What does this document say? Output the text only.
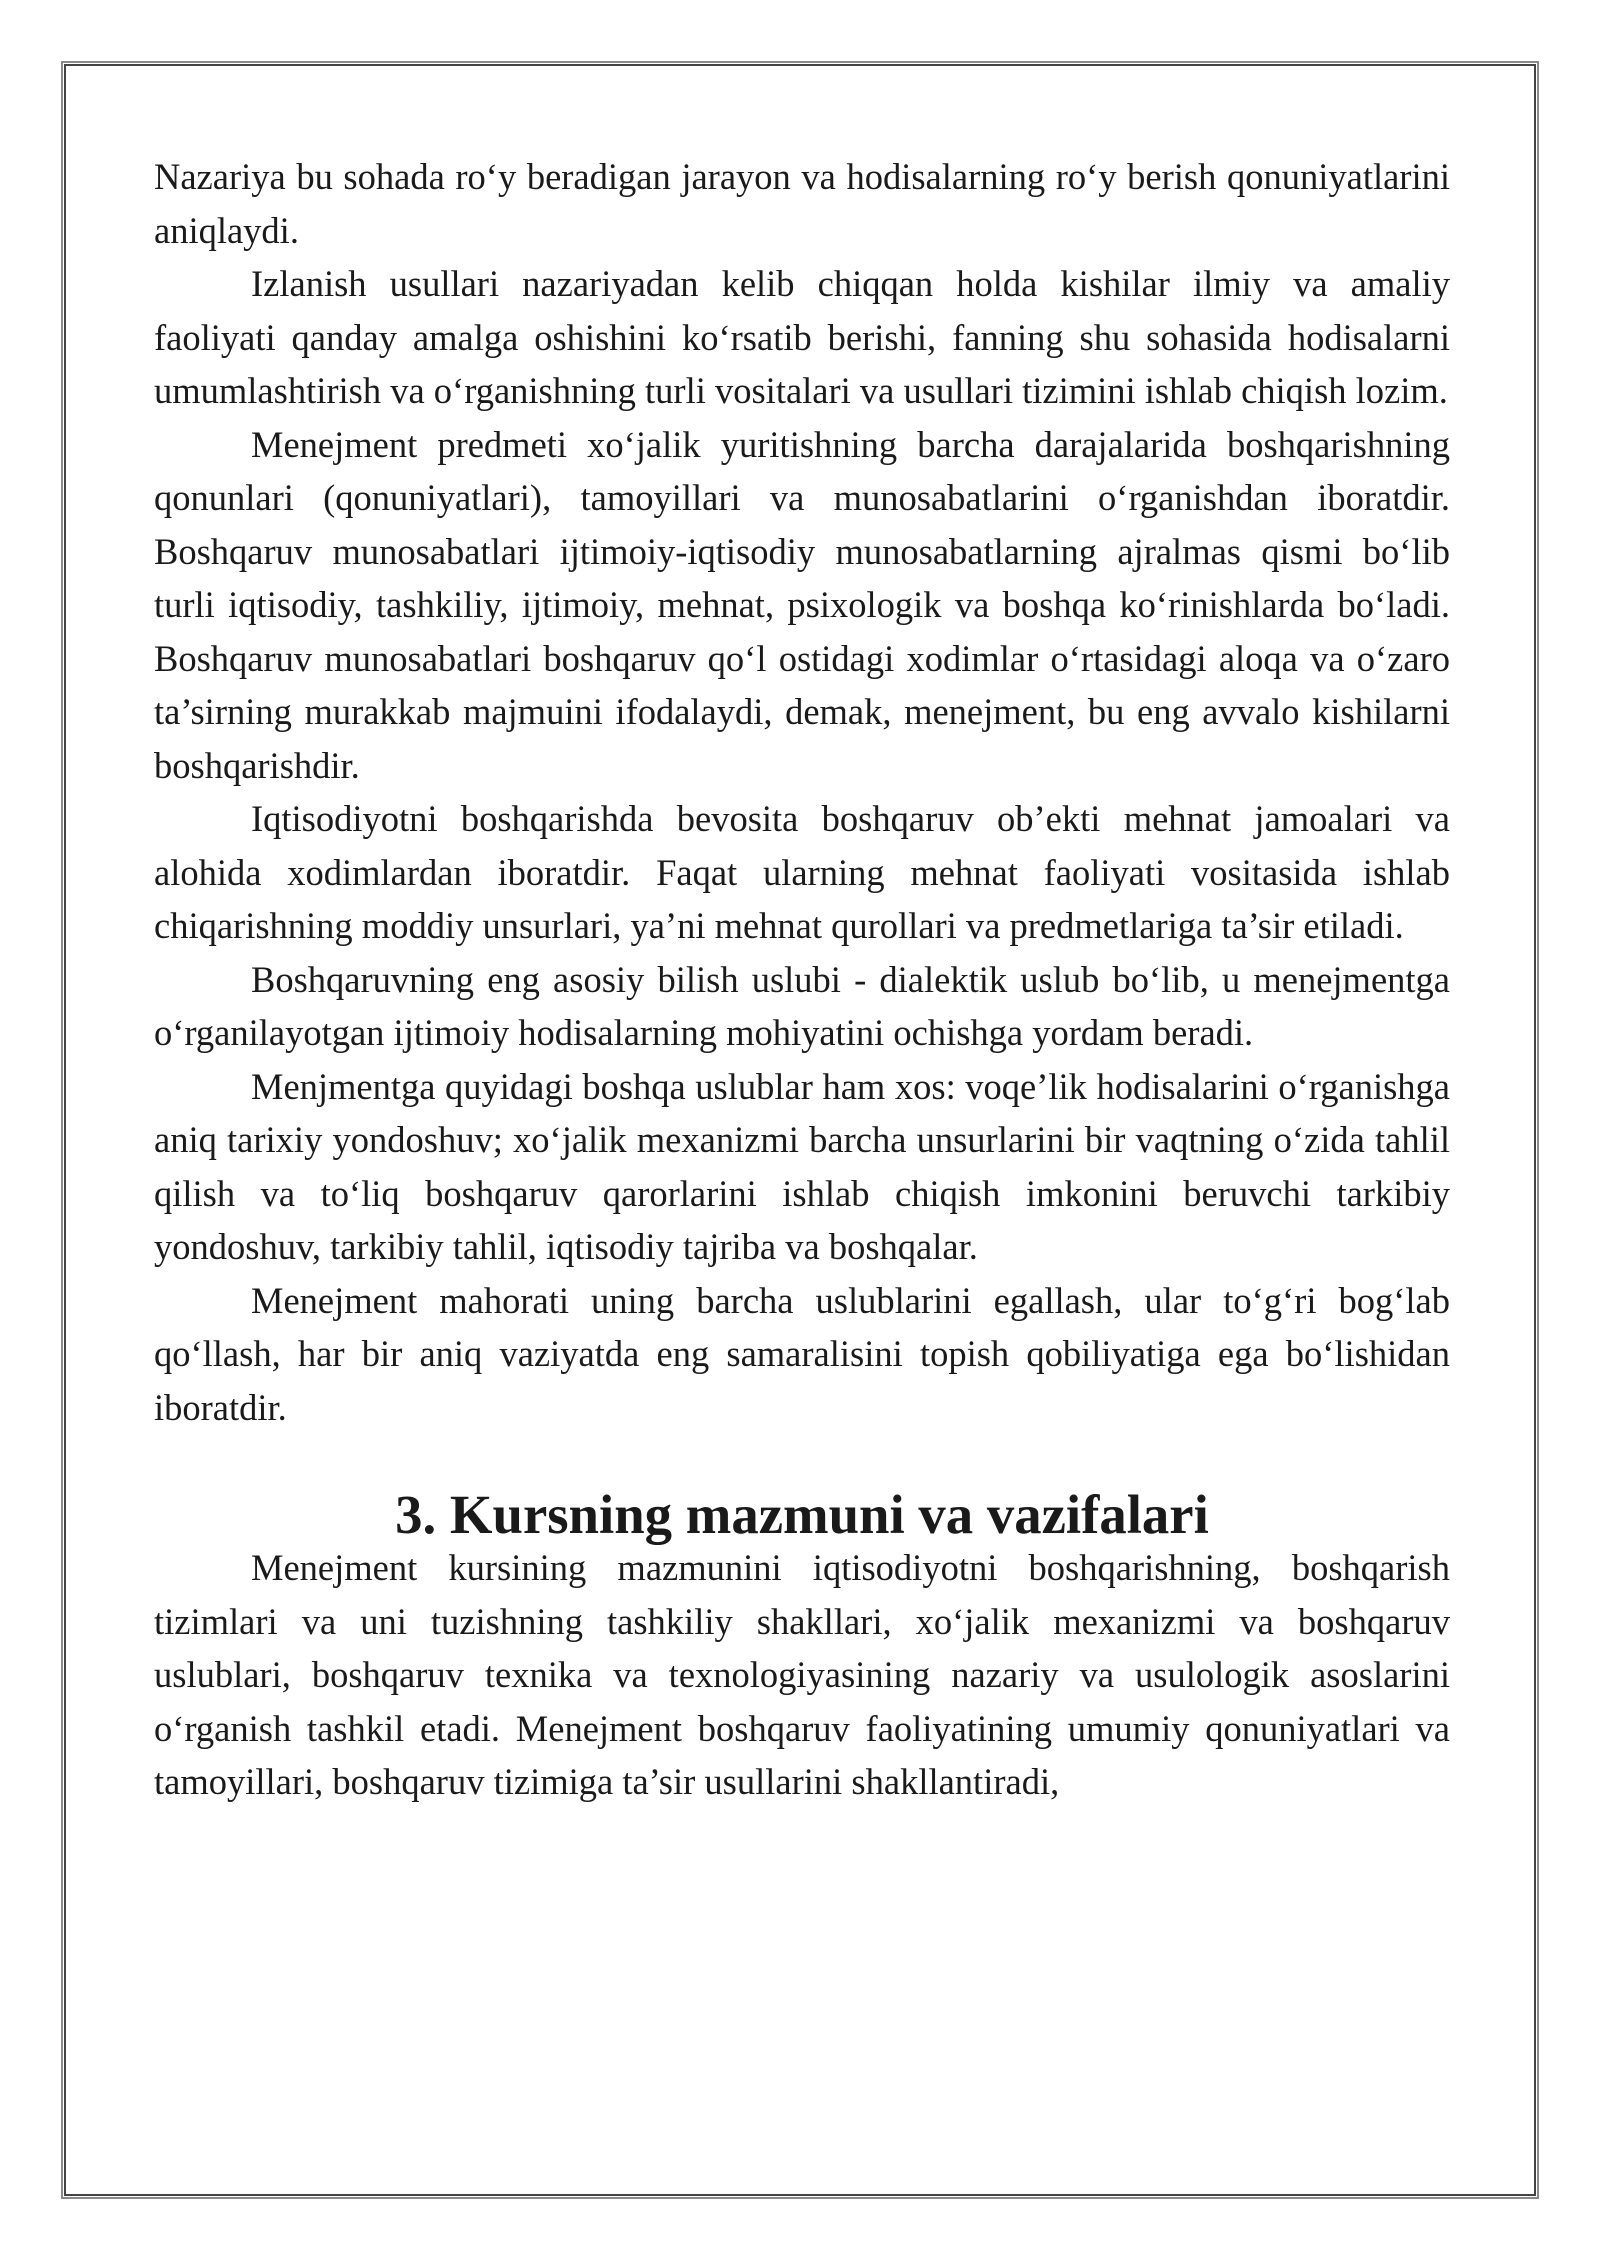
Nazariya bu sohada ro‘y beradigan jarayon va hodisalarning ro‘y berish qonuniyatlarini aniqlaydi.

Izlanish usullari nazariyadan kelib chiqqan holda kishilar ilmiy va amaliy faoliyati qanday amalga oshishini ko‘rsatib berishi, fanning shu sohasida hodisalarni umumlashtirish va o‘rganishning turli vositalari va usullari tizimini ishlab chiqish lozim.

Menejment predmeti xo‘jalik yuritishning barcha darajalarida boshqarishning qonunlari (qonuniyatlari), tamoyillari va munosabatlarini o‘rganishdan iboratdir. Boshqaruv munosabatlari ijtimoiy-iqtisodiy munosabatlarning ajralmas qismi bo‘lib turli iqtisodiy, tashkiliy, ijtimoiy, mehnat, psixologik va boshqa ko‘rinishlarda bo‘ladi. Boshqaruv munosabatlari boshqaruv qo‘l ostidagi xodimlar o‘rtasidagi aloqa va o‘zaro ta’sirning murakkab majmuini ifodalaydi, demak, menejment, bu eng avvalo kishilarni boshqarishdir.

Iqtisodiyotni boshqarishda bevosita boshqaruv ob’ekti mehnat jamoalari va alohida xodimlardan iboratdir. Faqat ularning mehnat faoliyati vositasida ishlab chiqarishning moddiy unsurlari, ya’ni mehnat qurollari va predmetlariga ta’sir etiladi.

Boshqaruvning eng asosiy bilish uslubi - dialektik uslub bo‘lib, u menejmentga o‘rganilayotgan ijtimoiy hodisalarning mohiyatini ochishga yordam beradi.

Menjmentga quyidagi boshqa uslublar ham xos: voqe’lik hodisalarini o‘rganishga aniq tarixiy yondoshuv; xo‘jalik mexanizmi barcha unsurlarini bir vaqtning o‘zida tahlil qilish va to‘liq boshqaruv qarorlarini ishlab chiqish imkonini beruvchi tarkibiy yondoshuv, tarkibiy tahlil, iqtisodiy tajriba va boshqalar.

Menejment mahorati uning barcha uslublarini egallash, ular to‘g‘ri bog‘lab qo‘llash, har bir aniq vaziyatda eng samaralisini topish qobiliyatiga ega bo‘lishidan iboratdir.

3. Kursning mazmuni va vazifalari

Menejment kursining mazmunini iqtisodiyotni boshqarishning, boshqarish tizimlari va uni tuzishning tashkiliy shakllari, xo‘jalik mexanizmi va boshqaruv uslublari, boshqaruv texnika va texnologiyasining nazariy va usulologik asoslarini o‘rganish tashkil etadi. Menejment boshqaruv faoliyatining umumiy qonuniyatlari va tamoyillari, boshqaruv tizimiga ta’sir usullarini shakllantiradi,
